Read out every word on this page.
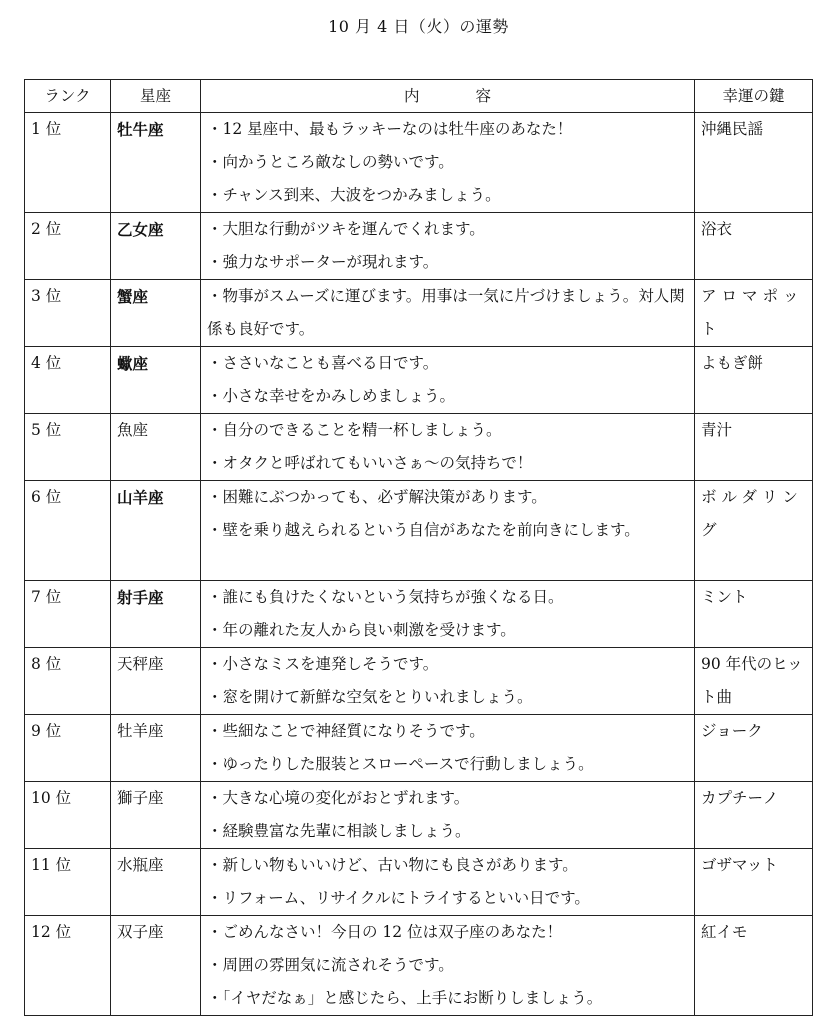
10 月 4 日（火）の運勢
ランク	星座	内 容	幸運の鍵
1 位	牡牛座	・12 星座中、最もラッキーなのは牡牛座のあなた！
・向かうところ敵なしの勢いです。
・チャンス到来、大波をつかみましょう。	沖縄民謡
2 位	乙女座	・大胆な行動がツキを運んでくれます。
・強力なサポーターが現れます。	浴衣
3 位	蟹座	・物事がスムーズに運びます。用事は一気に片づけましょう。対人関係も良好です。	アロマポット
4 位	蠍座	・ささいなことも喜べる日です。
・小さな幸せをかみしめましょう。	よもぎ餅
5 位	魚座	・自分のできることを精一杯しましょう。
・オタクと呼ばれてもいいさぁ～の気持ちで！	青汁
6 位	山羊座	・困難にぶつかっても、必ず解決策があります。
・壁を乗り越えられるという自信があなたを前向きにします。	ボルダリング
7 位	射手座	・誰にも負けたくないという気持ちが強くなる日。
・年の離れた友人から良い刺激を受けます。	ミント
8 位	天秤座	・小さなミスを連発しそうです。
・窓を開けて新鮮な空気をとりいれましょう。	90 年代のヒット曲
9 位	牡羊座	・些細なことで神経質になりそうです。
・ゆったりした服装とスローペースで行動しましょう。	ジョーク
10 位	獅子座	・大きな心境の変化がおとずれます。
・経験豊富な先輩に相談しましょう。	カプチーノ
11 位	水瓶座	・新しい物もいいけど、古い物にも良さがあります。
・リフォーム、リサイクルにトライするといい日です。	ゴザマット
12 位	双子座	・ごめんなさい！今日の 12 位は双子座のあなた！
・周囲の雰囲気に流されそうです。
・「イヤだなぁ」と感じたら、上手にお断りしましょう。	紅イモ
